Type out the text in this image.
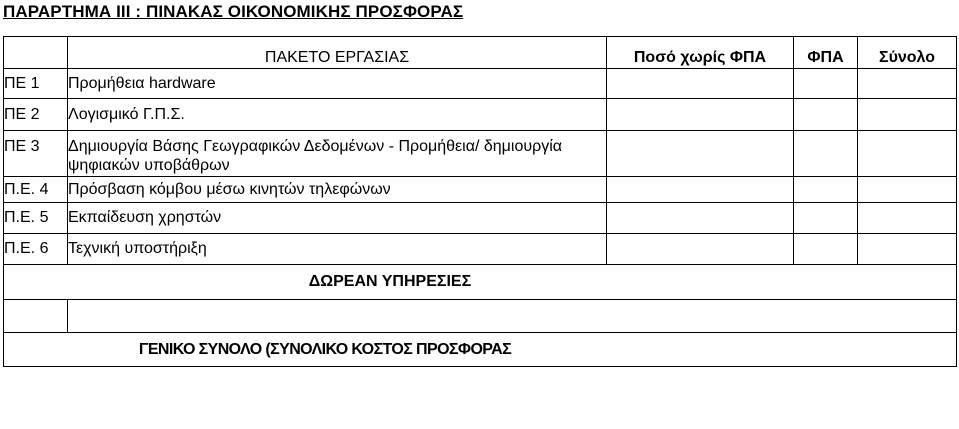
ΠΑΡΑΡΤΗΜΑ ΙΙΙ : ΠΙΝΑΚΑΣ ΟΙΚΟΝΟΜΙΚΗΣ ΠΡΟΣΦΟΡΑΣ
	ΠΑΚΕΤΟ ΕΡΓΑΣΙΑΣ	Ποσό χωρίς ΦΠΑ	ΦΠΑ	Σύνολο
ΠΕ 1	Προμήθεια hardware			
ΠΕ 2	Λογισμικό Γ.Π.Σ.			
ΠΕ 3	Δημιουργία Βάσης Γεωγραφικών Δεδομένων - Προμήθεια/ δημιουργία ψηφιακών υποβάθρων			
Π.Ε. 4	Πρόσβαση κόμβου μέσω κινητών τηλεφώνων			
Π.Ε. 5	Εκπαίδευση χρηστών			
Π.Ε. 6	Τεχνική υποστήριξη			
ΔΩΡΕΑΝ ΥΠΗΡΕΣΙΕΣ				

ΓΕΝΙΚΟ ΣΥΝΟΛΟ (ΣΥΝΟΛΙΚΟ ΚΟΣΤΟΣ ΠΡΟΣΦΟΡΑΣ				
